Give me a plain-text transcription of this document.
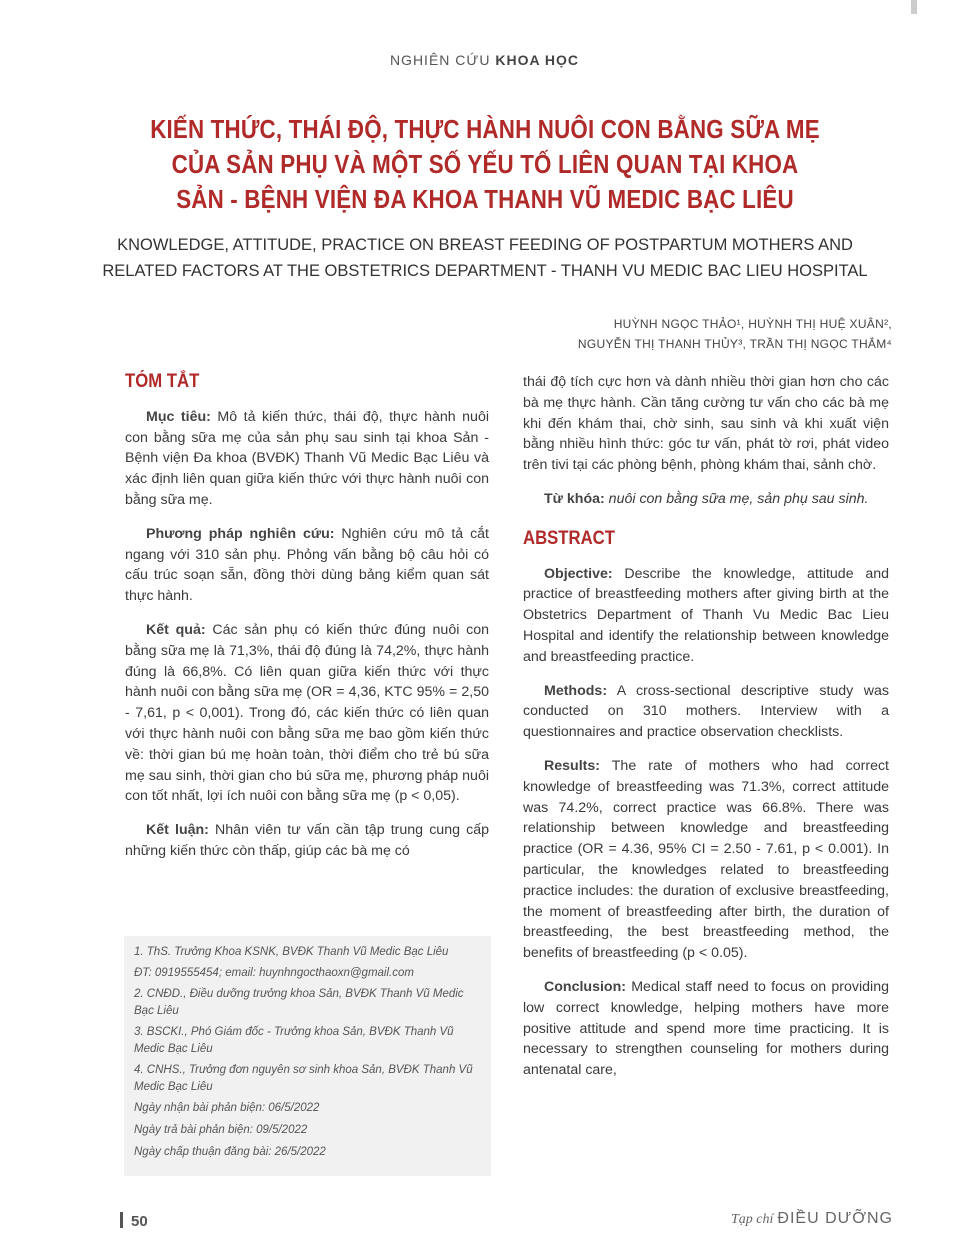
NGHIÊN CỨU KHOA HỌC
KIẾN THỨC, THÁI ĐỘ, THỰC HÀNH NUÔI CON BẰNG SỮA MẸ CỦA SẢN PHỤ VÀ MỘT SỐ YẾU TỐ LIÊN QUAN TẠI KHOA SẢN - BỆNH VIỆN ĐA KHOA THANH VŨ MEDIC BẠC LIÊU
KNOWLEDGE, ATTITUDE, PRACTICE ON BREAST FEEDING OF POSTPARTUM MOTHERS AND RELATED FACTORS AT THE OBSTETRICS DEPARTMENT - THANH VU MEDIC BAC LIEU HOSPITAL
HUỲNH NGỌC THẢO¹, HUỲNH THỊ HUỆ XUÂN²,
NGUYỄN THỊ THANH THỦY³, TRẦN THỊ NGỌC THẮM⁴
TÓM TẮT

Mục tiêu: Mô tả kiến thức, thái độ, thực hành nuôi con bằng sữa mẹ của sản phụ sau sinh tại khoa Sản - Bệnh viện Đa khoa (BVĐK) Thanh Vũ Medic Bạc Liêu và xác định liên quan giữa kiến thức với thực hành nuôi con bằng sữa mẹ.

Phương pháp nghiên cứu: Nghiên cứu mô tả cắt ngang với 310 sản phụ. Phỏng vấn bằng bộ câu hỏi có cấu trúc soạn sẵn, đồng thời dùng bảng kiểm quan sát thực hành.

Kết quả: Các sản phụ có kiến thức đúng nuôi con bằng sữa mẹ là 71,3%, thái độ đúng là 74,2%, thực hành đúng là 66,8%. Có liên quan giữa kiến thức với thực hành nuôi con bằng sữa mẹ (OR = 4,36, KTC 95% = 2,50 - 7,61, p < 0,001). Trong đó, các kiến thức có liên quan với thực hành nuôi con bằng sữa mẹ bao gồm kiến thức về: thời gian bú mẹ hoàn toàn, thời điểm cho trẻ bú sữa mẹ sau sinh, thời gian cho bú sữa mẹ, phương pháp nuôi con tốt nhất, lợi ích nuôi con bằng sữa mẹ (p < 0,05).

Kết luận: Nhân viên tư vấn cần tập trung cung cấp những kiến thức còn thấp, giúp các bà mẹ có

1. ThS. Trưởng Khoa KSNK, BVĐK Thanh Vũ Medic Bạc Liêu
ĐT: 0919555454; email: huynhngocthaoxn@gmail.com
2. CNĐD., Điều dưỡng trưởng khoa Sản, BVĐK Thanh Vũ Medic Bạc Liêu
3. BSCKI., Phó Giám đốc - Trưởng khoa Sản, BVĐK Thanh Vũ Medic Bạc Liêu
4. CNHS., Trưởng đơn nguyên sơ sinh khoa Sản, BVĐK Thanh Vũ Medic Bạc Liêu
Ngày nhận bài phản biện: 06/5/2022
Ngày trả bài phản biện: 09/5/2022
Ngày chấp thuận đăng bài: 26/5/2022

thái độ tích cực hơn và dành nhiều thời gian hơn cho các bà mẹ thực hành. Cần tăng cường tư vấn cho các bà mẹ khi đến khám thai, chờ sinh, sau sinh và khi xuất viện bằng nhiều hình thức: góc tư vấn, phát tờ rơi, phát video trên tivi tại các phòng bệnh, phòng khám thai, sảnh chờ.

Từ khóa: nuôi con bằng sữa mẹ, sản phụ sau sinh.

ABSTRACT

Objective: Describe the knowledge, attitude and practice of breastfeeding mothers after giving birth at the Obstetrics Department of Thanh Vu Medic Bac Lieu Hospital and identify the relationship between knowledge and breastfeeding practice.

Methods: A cross-sectional descriptive study was conducted on 310 mothers. Interview with a questionnaires and practice observation checklists.

Results: The rate of mothers who had correct knowledge of breastfeeding was 71.3%, correct attitude was 74.2%, correct practice was 66.8%. There was relationship between knowledge and breastfeeding practice (OR = 4.36, 95% CI = 2.50 - 7.61, p < 0.001). In particular, the knowledges related to breastfeeding practice includes: the duration of exclusive breastfeeding, the moment of breastfeeding after birth, the duration of breastfeeding, the best breastfeeding method, the benefits of breastfeeding (p < 0.05).

Conclusion: Medical staff need to focus on providing low correct knowledge, helping mothers have more positive attitude and spend more time practicing. It is necessary to strengthen counseling for mothers during antenatal care,

50	Tạp chí ĐIỀU DƯỠNG
